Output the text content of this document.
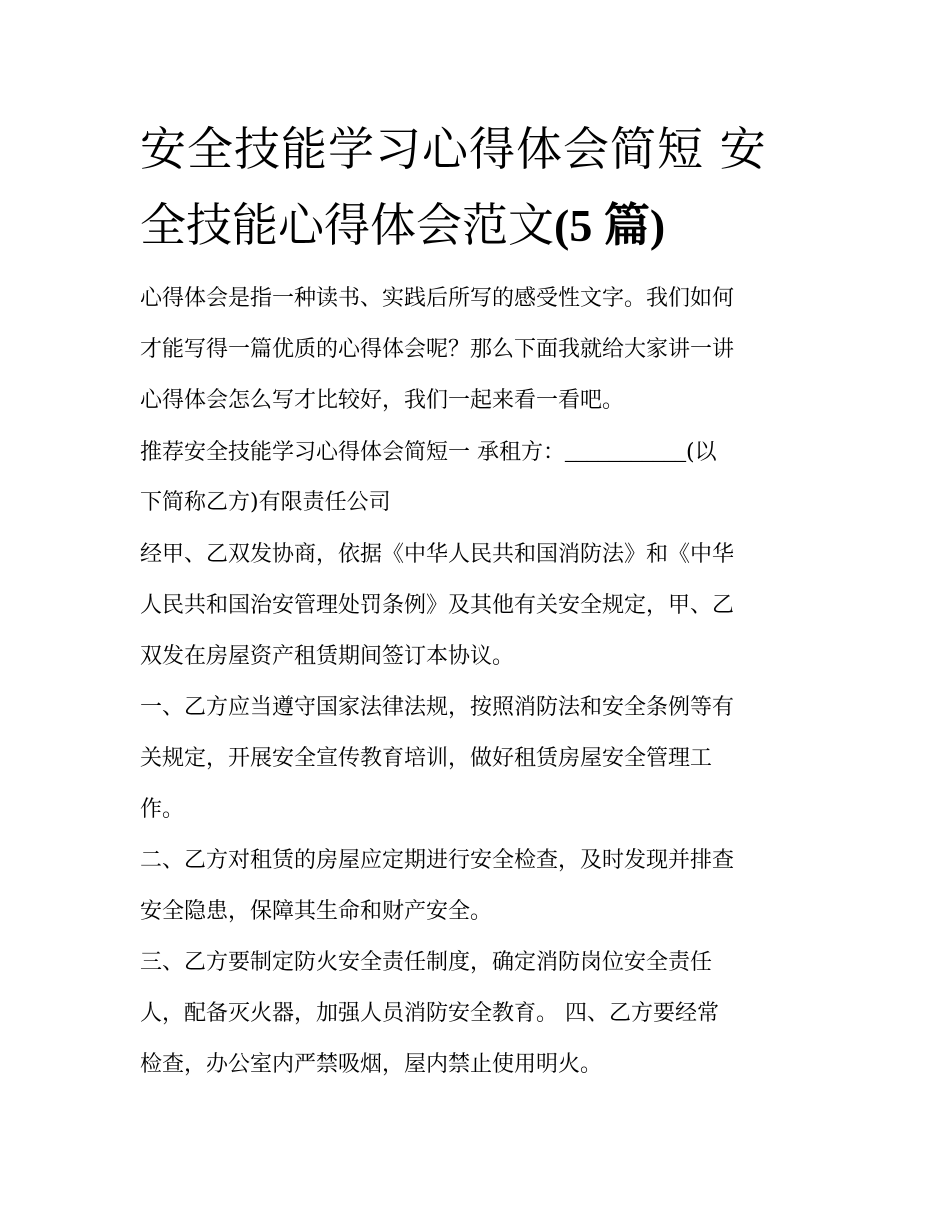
安全技能学习心得体会简短 安
全技能心得体会范文(5 篇)

心得体会是指一种读书、实践后所写的感受性文字。我们如何

才能写得一篇优质的心得体会呢？那么下面我就给大家讲一讲

心得体会怎么写才比较好，我们一起来看一看吧。

推荐安全技能学习心得体会简短一 承租方：___________(以

下简称乙方)有限责任公司

经甲、乙双发协商，依据《中华人民共和国消防法》和《中华

人民共和国治安管理处罚条例》及其他有关安全规定，甲、乙

双发在房屋资产租赁期间签订本协议。

一、乙方应当遵守国家法律法规，按照消防法和安全条例等有

关规定，开展安全宣传教育培训，做好租赁房屋安全管理工

作。

二、乙方对租赁的房屋应定期进行安全检查，及时发现并排查

安全隐患，保障其生命和财产安全。

三、乙方要制定防火安全责任制度，确定消防岗位安全责任

人，配备灭火器，加强人员消防安全教育。 四、乙方要经常

检查，办公室内严禁吸烟，屋内禁止使用明火。
